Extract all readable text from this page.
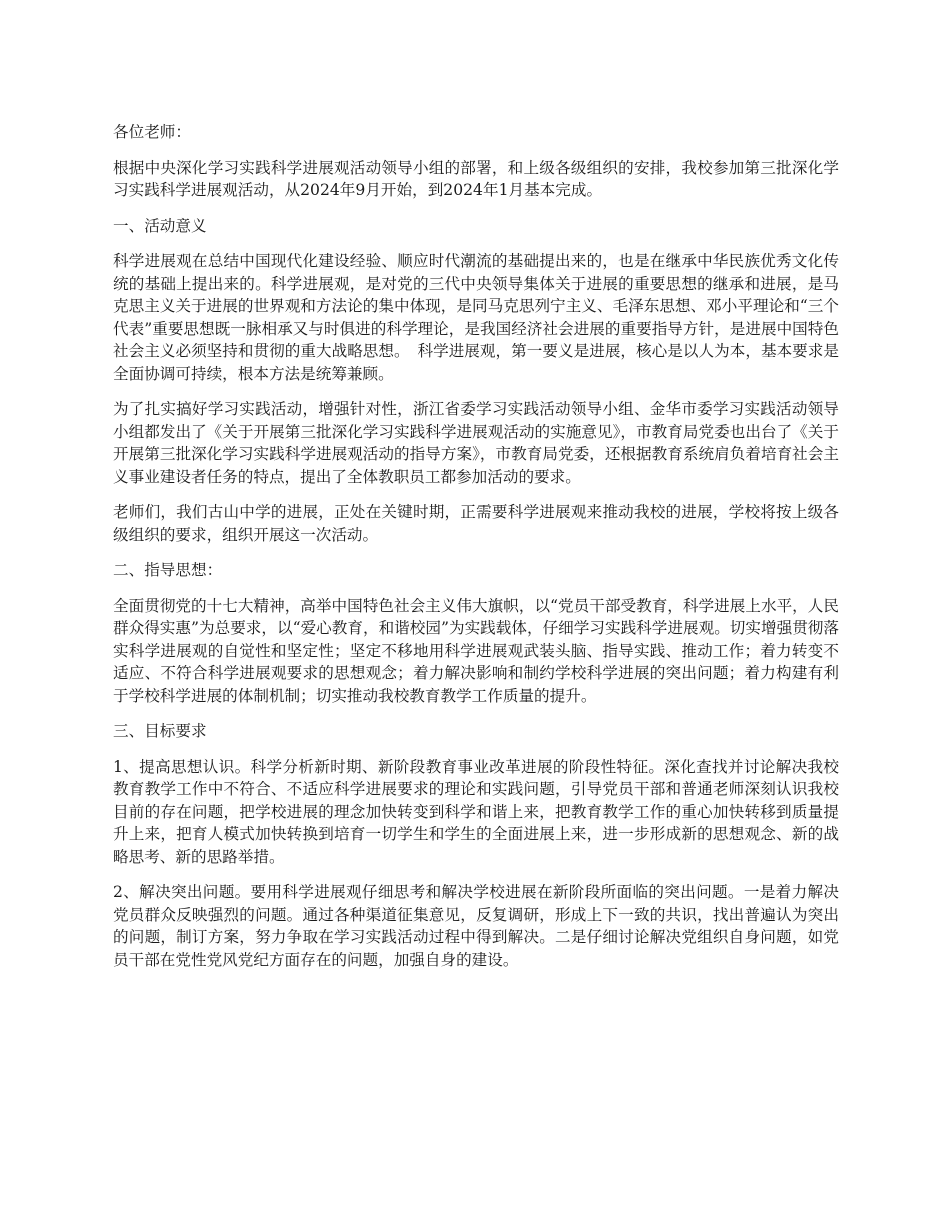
各位老师：

根据中央深化学习实践科学进展观活动领导小组的部署，和上级各级组织的安排，我校参加第三批深化学习实践科学进展观活动，从2024年9月开始，到2024年1月基本完成。

一、活动意义

科学进展观在总结中国现代化建设经验、顺应时代潮流的基础提出来的，也是在继承中华民族优秀文化传统的基础上提出来的。科学进展观，是对党的三代中央领导集体关于进展的重要思想的继承和进展，是马克思主义关于进展的世界观和方法论的集中体现，是同马克思列宁主义、毛泽东思想、邓小平理论和“三个代表”重要思想既一脉相承又与时俱进的科学理论，是我国经济社会进展的重要指导方针，是进展中国特色社会主义必须坚持和贯彻的重大战略思想。　科学进展观，第一要义是进展，核心是以人为本，基本要求是全面协调可持续，根本方法是统筹兼顾。

为了扎实搞好学习实践活动，增强针对性，浙江省委学习实践活动领导小组、金华市委学习实践活动领导小组都发出了《关于开展第三批深化学习实践科学进展观活动的实施意见》，市教育局党委也出台了《关于开展第三批深化学习实践科学进展观活动的指导方案》，市教育局党委，还根据教育系统肩负着培育社会主义事业建设者任务的特点，提出了全体教职员工都参加活动的要求。

老师们，我们古山中学的进展，正处在关键时期，正需要科学进展观来推动我校的进展，学校将按上级各级组织的要求，组织开展这一次活动。

二、指导思想：

全面贯彻党的十七大精神，高举中国特色社会主义伟大旗帜，以“党员干部受教育，科学进展上水平，人民群众得实惠”为总要求，以“爱心教育，和谐校园”为实践载体，仔细学习实践科学进展观。切实增强贯彻落实科学进展观的自觉性和坚定性；坚定不移地用科学进展观武装头脑、指导实践、推动工作；着力转变不适应、不符合科学进展观要求的思想观念；着力解决影响和制约学校科学进展的突出问题；着力构建有利于学校科学进展的体制机制；切实推动我校教育教学工作质量的提升。

三、目标要求

1、提高思想认识。科学分析新时期、新阶段教育事业改革进展的阶段性特征。深化查找并讨论解决我校教育教学工作中不符合、不适应科学进展要求的理论和实践问题，引导党员干部和普通老师深刻认识我校目前的存在问题，把学校进展的理念加快转变到科学和谐上来，把教育教学工作的重心加快转移到质量提升上来，把育人模式加快转换到培育一切学生和学生的全面进展上来，进一步形成新的思想观念、新的战略思考、新的思路举措。

2、解决突出问题。要用科学进展观仔细思考和解决学校进展在新阶段所面临的突出问题。一是着力解决党员群众反映强烈的问题。通过各种渠道征集意见，反复调研，形成上下一致的共识，找出普遍认为突出的问题，制订方案，努力争取在学习实践活动过程中得到解决。二是仔细讨论解决党组织自身问题，如党员干部在党性党风党纪方面存在的问题，加强自身的建设。
